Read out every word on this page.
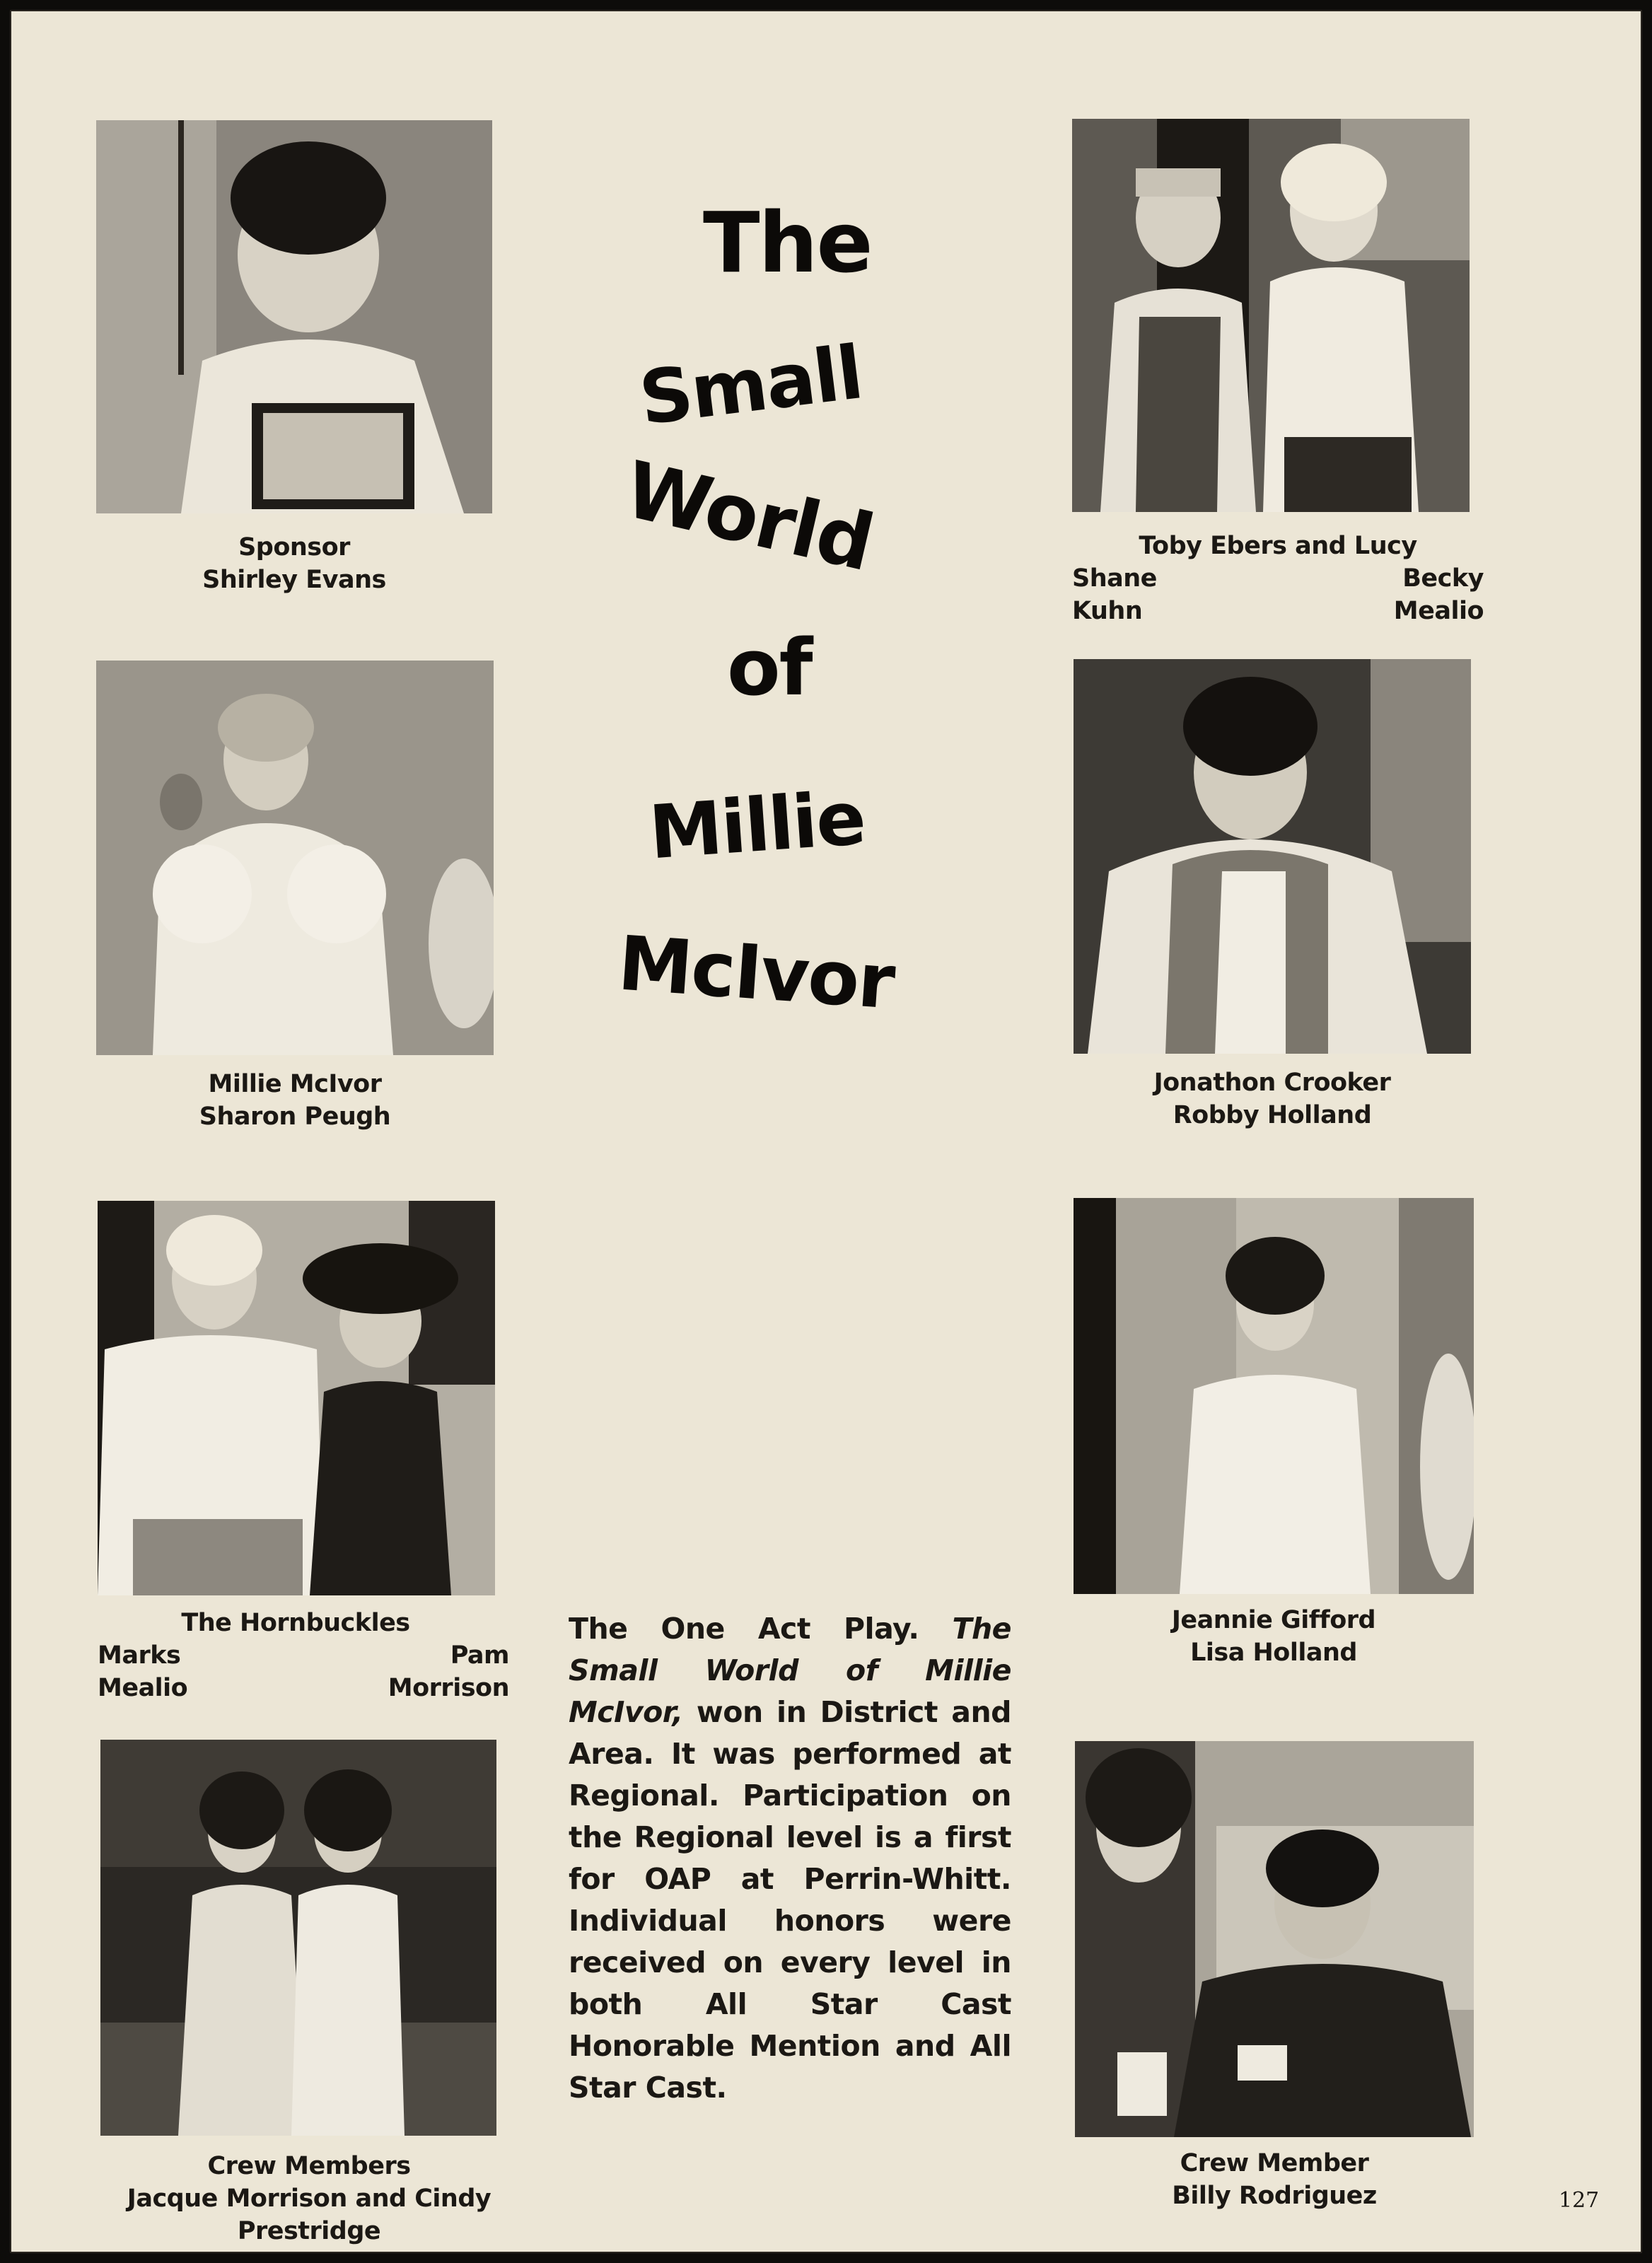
The
Small
World
of
Millie
McIvor
Sponsor
Shirley Evans
Toby Ebers and Lucy
Shane
Kuhn
Becky
Mealio
Millie McIvor
Sharon Peugh
Jonathon Crooker
Robby Holland
The Hornbuckles
Marks
Mealio
Pam
Morrison
Jeannie Gifford
Lisa Holland
Crew Members
Jacque Morrison and Cindy
Prestridge
Crew Member
Billy Rodriguez
The One Act Play. The Small World of Millie McIvor, won in District and Area. It was performed at Regional. Participation on the Regional level is a first for OAP at Perrin-Whitt. Individual honors were received on every level in both All Star Cast Honorable Mention and All Star Cast.
127
